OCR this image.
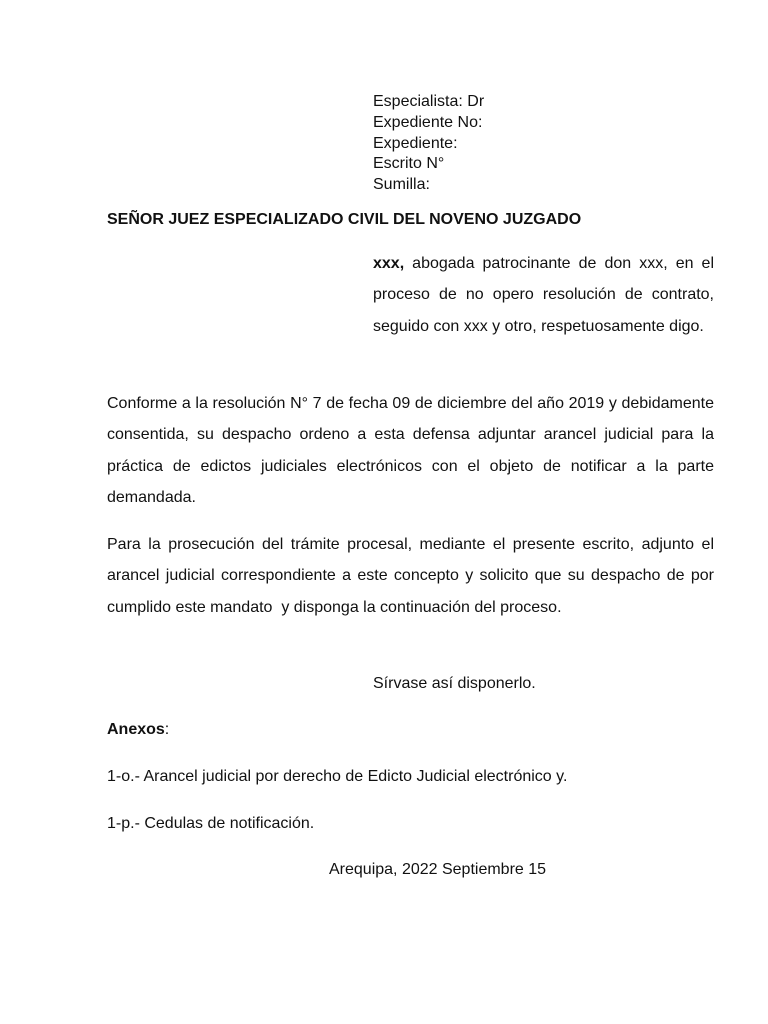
Especialista: Dr
Expediente No:
Expediente:
Escrito N°
Sumilla:
SEÑOR JUEZ ESPECIALIZADO CIVIL DEL NOVENO JUZGADO
xxx, abogada patrocinante de don xxx, en el proceso de no opero resolución de contrato, seguido con xxx y otro, respetuosamente digo.
Conforme a la resolución N° 7 de fecha 09 de diciembre del año 2019 y debidamente consentida, su despacho ordeno a esta defensa adjuntar arancel judicial para la práctica de edictos judiciales electrónicos con el objeto de notificar a la parte demandada.
Para la prosecución del trámite procesal, mediante el presente escrito, adjunto el arancel judicial correspondiente a este concepto y solicito que su despacho de por cumplido este mandato  y disponga la continuación del proceso.
Sírvase así disponerlo.
Anexos:
1-o.- Arancel judicial por derecho de Edicto Judicial electrónico y.
1-p.- Cedulas de notificación.
Arequipa, 2022 Septiembre 15
